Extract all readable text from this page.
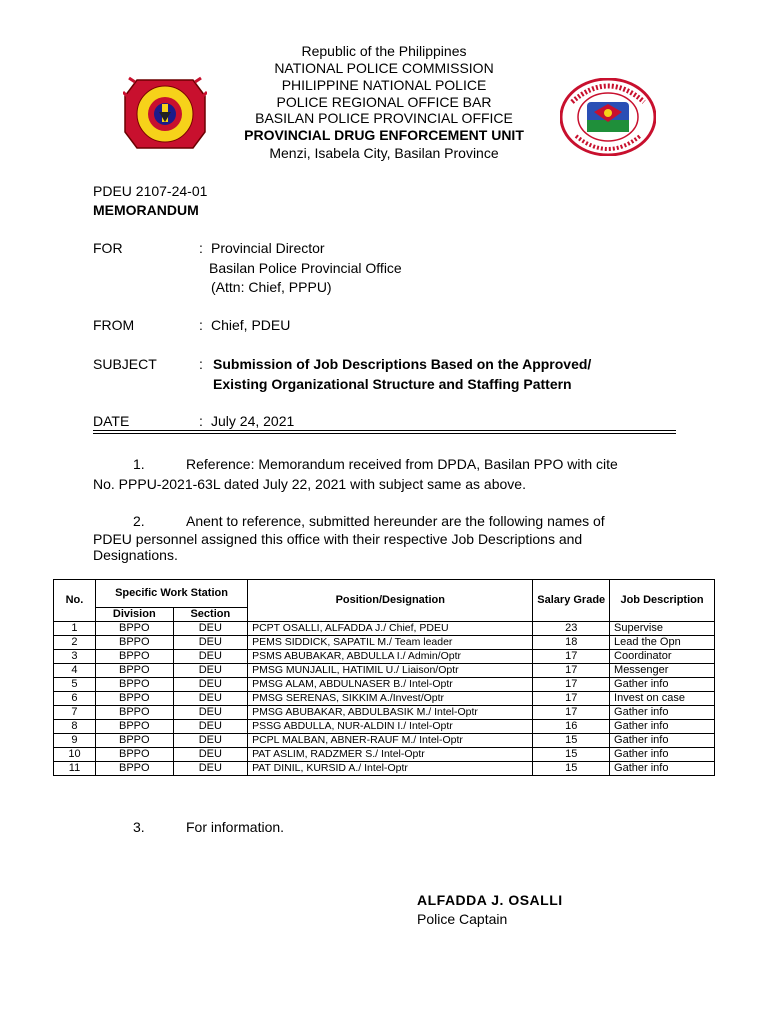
Republic of the Philippines
NATIONAL POLICE COMMISSION
PHILIPPINE NATIONAL POLICE
POLICE REGIONAL OFFICE BAR
BASILAN POLICE PROVINCIAL OFFICE
PROVINCIAL DRUG ENFORCEMENT UNIT
Menzi, Isabela City, Basilan Province
PDEU 2107-24-01
MEMORANDUM
FOR	: Provincial Director
Basilan Police Provincial Office
(Attn: Chief, PPPU)
FROM	: Chief, PDEU
SUBJECT	: Submission of Job Descriptions Based on the Approved/
Existing Organizational Structure and Staffing Pattern
DATE	: July 24, 2021
1.	Reference: Memorandum received from DPDA, Basilan PPO with cite
No. PPPU-2021-63L dated July 22, 2021 with subject same as above.
2.	Anent to reference, submitted hereunder are the following names of
PDEU personnel assigned this office with their respective Job Descriptions and
Designations.
No.	Specific Work Station		Position/Designation	Salary Grade	Job Description
	Division	Section			
1	BPPO	DEU	PCPT OSALLI, ALFADDA J./ Chief, PDEU	23	Supervise
2	BPPO	DEU	PEMS SIDDICK, SAPATIL M./ Team leader	18	Lead the Opn
3	BPPO	DEU	PSMS ABUBAKAR, ABDULLA I./ Admin/Optr	17	Coordinator
4	BPPO	DEU	PMSG MUNJALIL, HATIMIL U./ Liaison/Optr	17	Messenger
5	BPPO	DEU	PMSG ALAM, ABDULNASER B./ Intel-Optr	17	Gather info
6	BPPO	DEU	PMSG SERENAS, SIKKIM A./Invest/Optr	17	Invest on case
7	BPPO	DEU	PMSG ABUBAKAR, ABDULBASIK M./ Intel-Optr	17	Gather info
8	BPPO	DEU	PSSG ABDULLA, NUR-ALDIN I./ Intel-Optr	16	Gather info
9	BPPO	DEU	PCPL MALBAN, ABNER-RAUF M./ Intel-Optr	15	Gather info
10	BPPO	DEU	PAT ASLIM, RADZMER S./ Intel-Optr	15	Gather info
11	BPPO	DEU	PAT DINIL, KURSID A./ Intel-Optr	15	Gather info
3.	For information.
ALFADDA J. OSALLI
Police Captain
